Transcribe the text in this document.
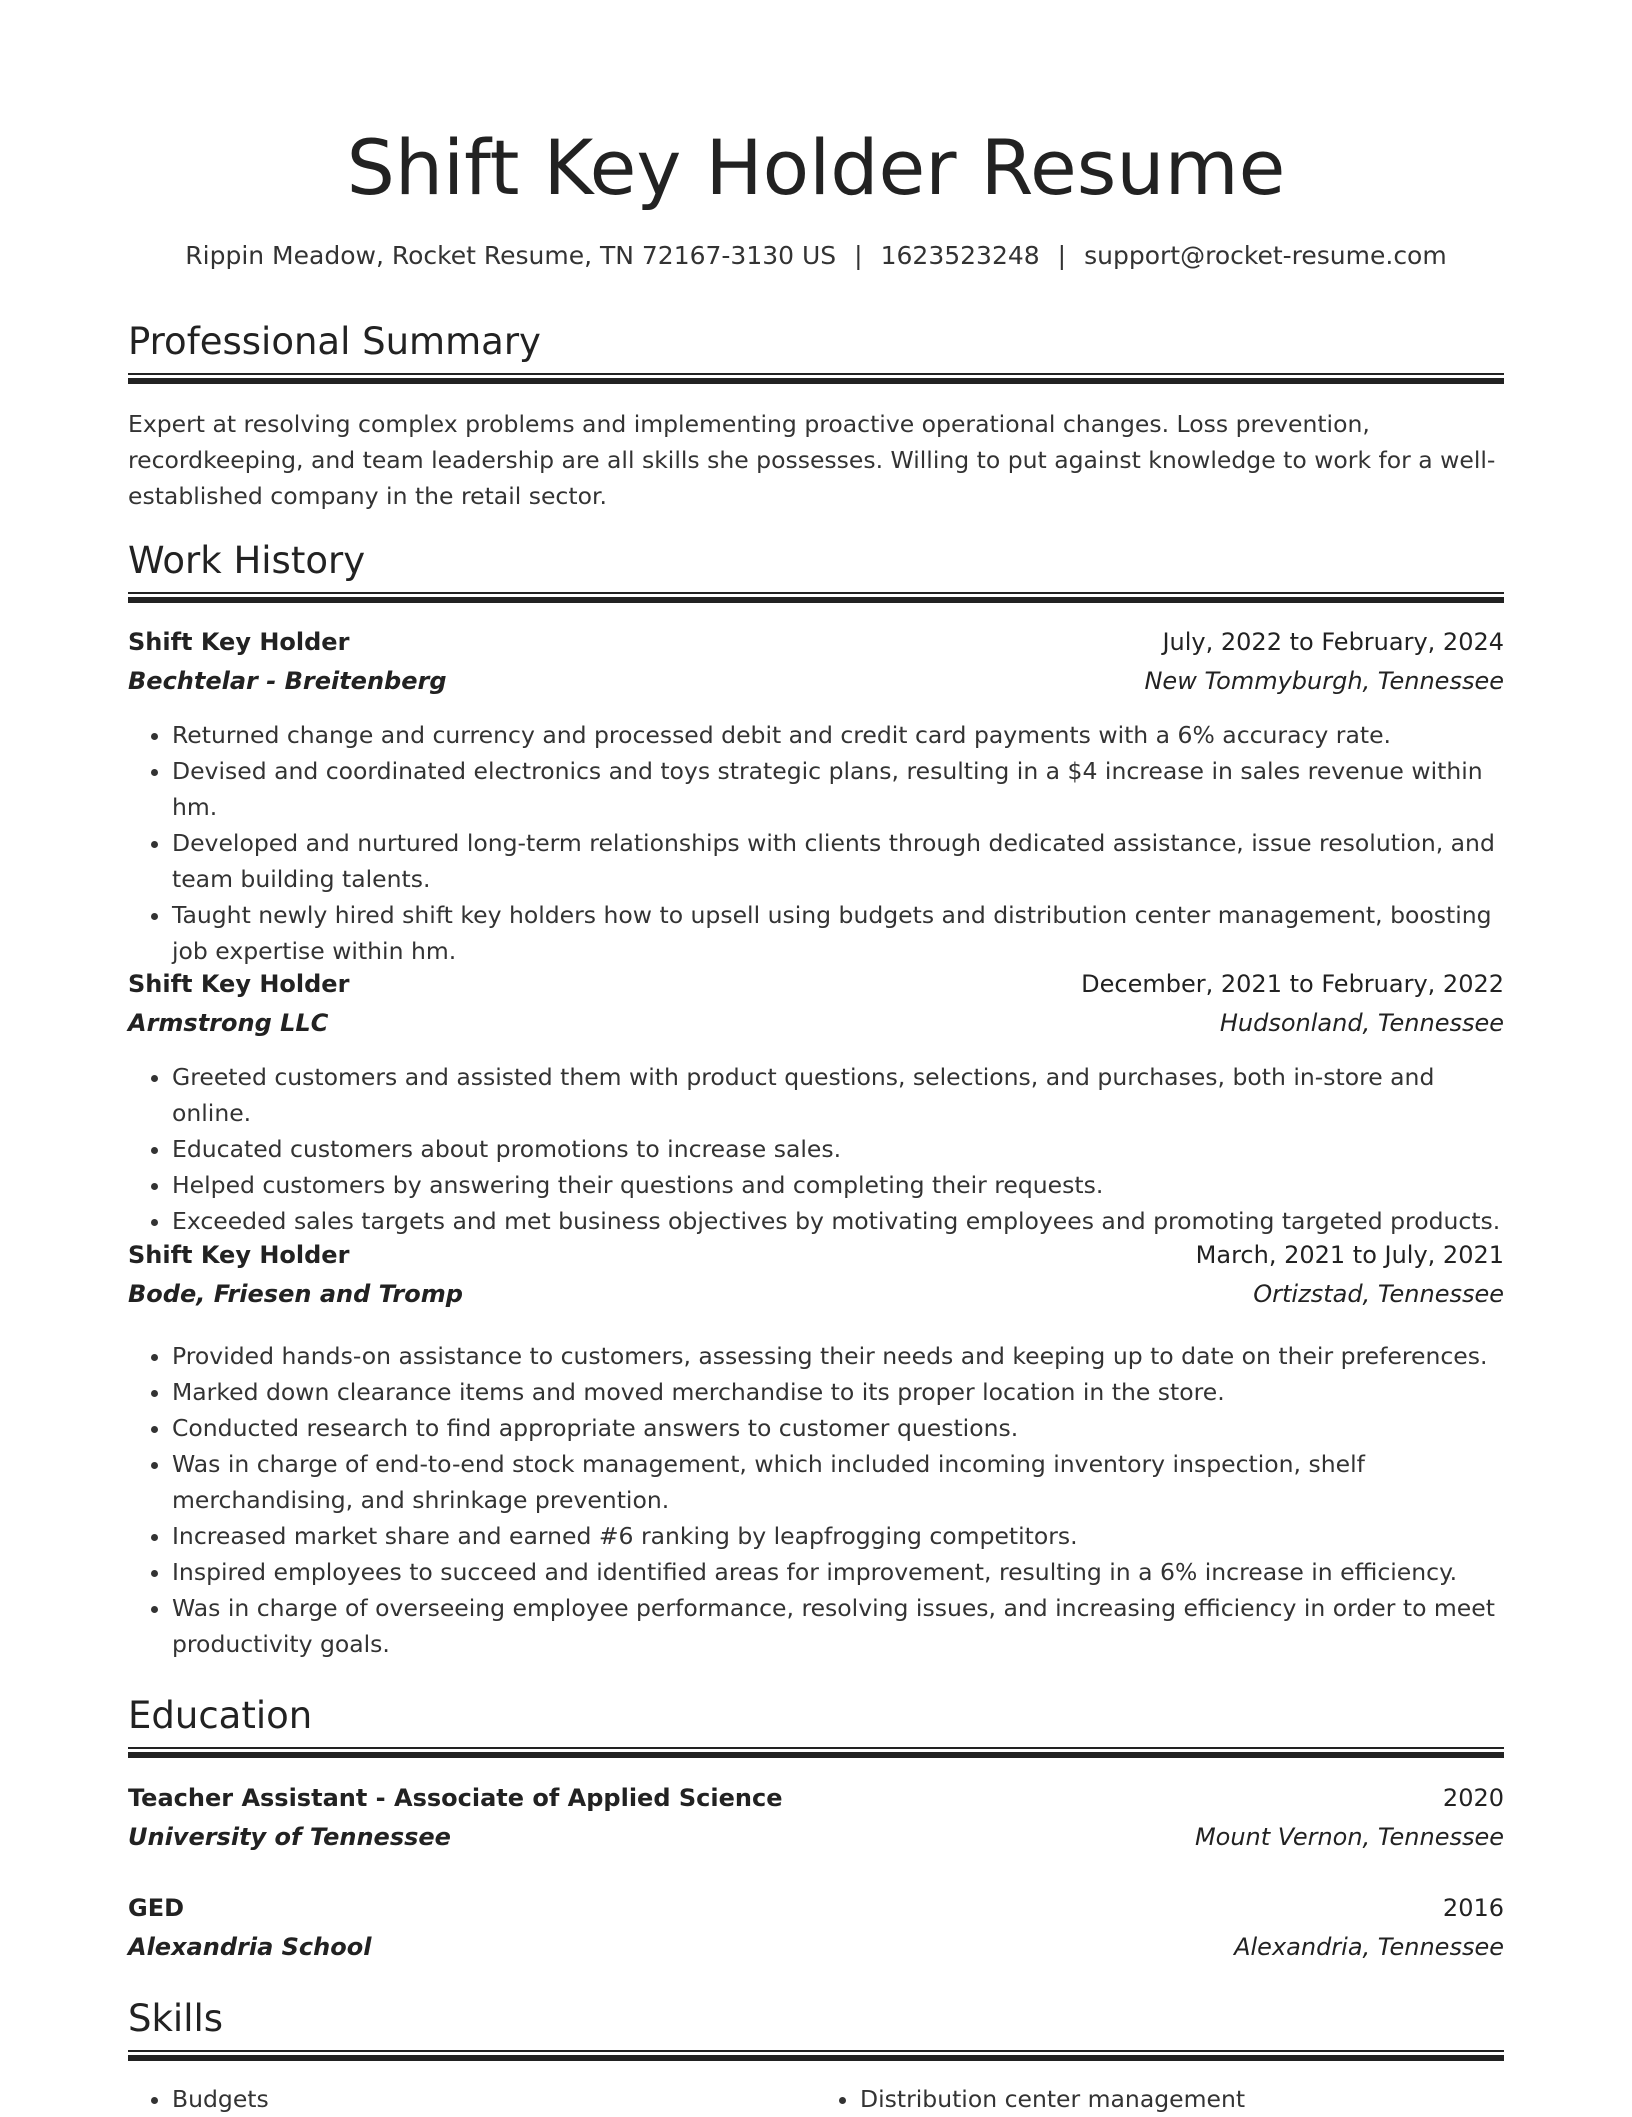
Shift Key Holder Resume
Rippin Meadow, Rocket Resume, TN 72167-3130 US | 1623523248 | support@rocket-resume.com
Professional Summary

Expert at resolving complex problems and implementing proactive operational changes. Loss prevention, recordkeeping, and team leadership are all skills she possesses. Willing to put against knowledge to work for a well-established company in the retail sector.

Work History
Shift Key Holder	July, 2022 to February, 2024
Bechtelar - Breitenberg	New Tommyburgh, Tennessee
• Returned change and currency and processed debit and credit card payments with a 6% accuracy rate.
• Devised and coordinated electronics and toys strategic plans, resulting in a $4 increase in sales revenue within hm.
• Developed and nurtured long-term relationships with clients through dedicated assistance, issue resolution, and team building talents.
• Taught newly hired shift key holders how to upsell using budgets and distribution center management, boosting job expertise within hm.
Shift Key Holder	December, 2021 to February, 2022
Armstrong LLC	Hudsonland, Tennessee
• Greeted customers and assisted them with product questions, selections, and purchases, both in-store and online.
• Educated customers about promotions to increase sales.
• Helped customers by answering their questions and completing their requests.
• Exceeded sales targets and met business objectives by motivating employees and promoting targeted products.
Shift Key Holder	March, 2021 to July, 2021
Bode, Friesen and Tromp	Ortizstad, Tennessee
• Provided hands-on assistance to customers, assessing their needs and keeping up to date on their preferences.
• Marked down clearance items and moved merchandise to its proper location in the store.
• Conducted research to find appropriate answers to customer questions.
• Was in charge of end-to-end stock management, which included incoming inventory inspection, shelf merchandising, and shrinkage prevention.
• Increased market share and earned #6 ranking by leapfrogging competitors.
• Inspired employees to succeed and identified areas for improvement, resulting in a 6% increase in efficiency.
• Was in charge of overseeing employee performance, resolving issues, and increasing efficiency in order to meet productivity goals.
Education
Teacher Assistant - Associate of Applied Science	2020
University of Tennessee	Mount Vernon, Tennessee
GED	2016
Alexandria School	Alexandria, Tennessee
Skills
• Budgets
•	Distribution center management
